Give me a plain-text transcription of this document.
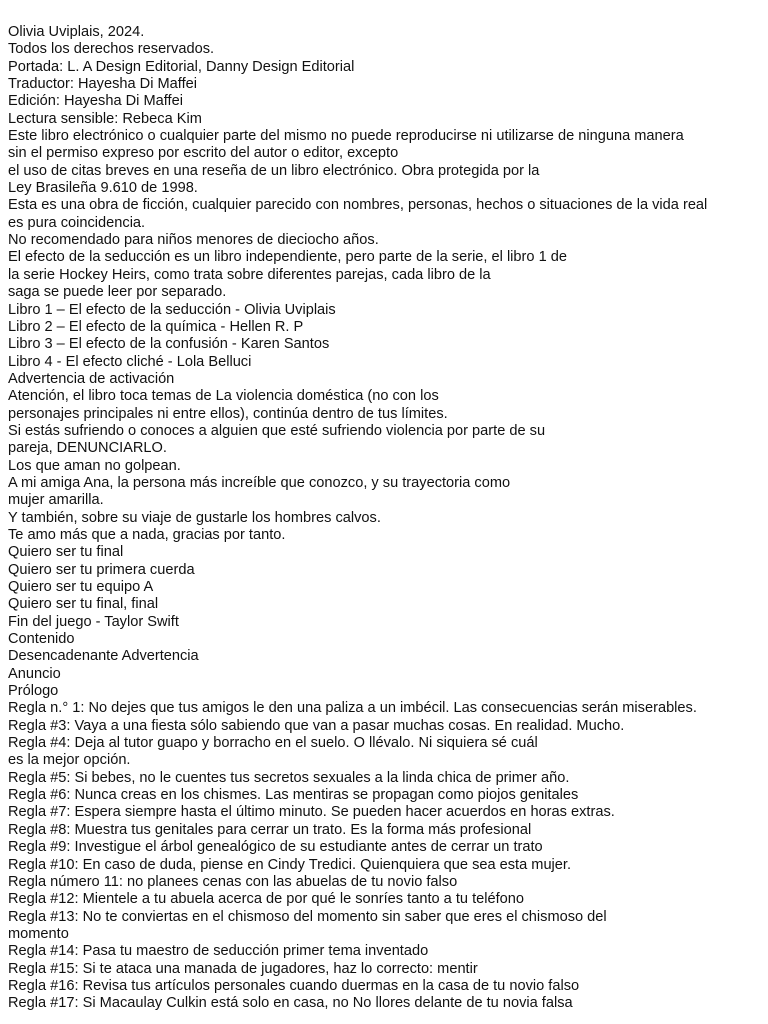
Olivia Uviplais, 2024.
Todos los derechos reservados.
Portada: L. A Design Editorial, Danny Design Editorial
Traductor: Hayesha Di Maffei
Edición: Hayesha Di Maffei
Lectura sensible: Rebeca Kim
Este libro electrónico o cualquier parte del mismo no puede reproducirse ni utilizarse de ninguna manera
sin el permiso expreso por escrito del autor o editor, excepto
el uso de citas breves en una reseña de un libro electrónico. Obra protegida por la
Ley Brasileña 9.610 de 1998.
Esta es una obra de ficción, cualquier parecido con nombres, personas, hechos o situaciones de la vida real
es pura coincidencia.
No recomendado para niños menores de dieciocho años.
El efecto de la seducción es un libro independiente, pero parte de la serie, el libro 1 de
la serie Hockey Heirs, como trata sobre diferentes parejas, cada libro de la
saga se puede leer por separado.
Libro 1 – El efecto de la seducción - Olivia Uviplais
Libro 2 – El efecto de la química - Hellen R. P
Libro 3 – El efecto de la confusión - Karen Santos
Libro 4 - El efecto cliché - Lola Belluci
Advertencia de activación
Atención, el libro toca temas de La violencia doméstica (no con los
personajes principales ni entre ellos), continúa dentro de tus límites.
Si estás sufriendo o conoces a alguien que esté sufriendo violencia por parte de su
pareja, DENUNCIARLO.
Los que aman no golpean.
A mi amiga Ana, la persona más increíble que conozco, y su trayectoria como
mujer amarilla.
Y también, sobre su viaje de gustarle los hombres calvos.
Te amo más que a nada, gracias por tanto.
Quiero ser tu final
Quiero ser tu primera cuerda
Quiero ser tu equipo A
Quiero ser tu final, final
Fin del juego - Taylor Swift
Contenido
Desencadenante Advertencia
Anuncio
Prólogo
Regla n.° 1: No dejes que tus amigos le den una paliza a un imbécil. Las consecuencias serán miserables.
Regla #3: Vaya a una fiesta sólo sabiendo que van a pasar muchas cosas. En realidad. Mucho.
Regla #4: Deja al tutor guapo y borracho en el suelo. O llévalo. Ni siquiera sé cuál
es la mejor opción.
Regla #5: Si bebes, no le cuentes tus secretos sexuales a la linda chica de primer año.
Regla #6: Nunca creas en los chismes. Las mentiras se propagan como piojos genitales
Regla #7: Espera siempre hasta el último minuto. Se pueden hacer acuerdos en horas extras.
Regla #8: Muestra tus genitales para cerrar un trato. Es la forma más profesional
Regla #9: Investigue el árbol genealógico de su estudiante antes de cerrar un trato
Regla #10: En caso de duda, piense en Cindy Tredici. Quienquiera que sea esta mujer.
Regla número 11: no planees cenas con las abuelas de tu novio falso
Regla #12: Mientele a tu abuela acerca de por qué le sonríes tanto a tu teléfono
Regla #13: No te conviertas en el chismoso del momento sin saber que eres el chismoso del
momento
Regla #14: Pasa tu maestro de seducción primer tema inventado
Regla #15: Si te ataca una manada de jugadores, haz lo correcto: mentir
Regla #16: Revisa tus artículos personales cuando duermas en la casa de tu novio falso
Regla #17: Si Macaulay Culkin está solo en casa, no No llores delante de tu novia falsa
